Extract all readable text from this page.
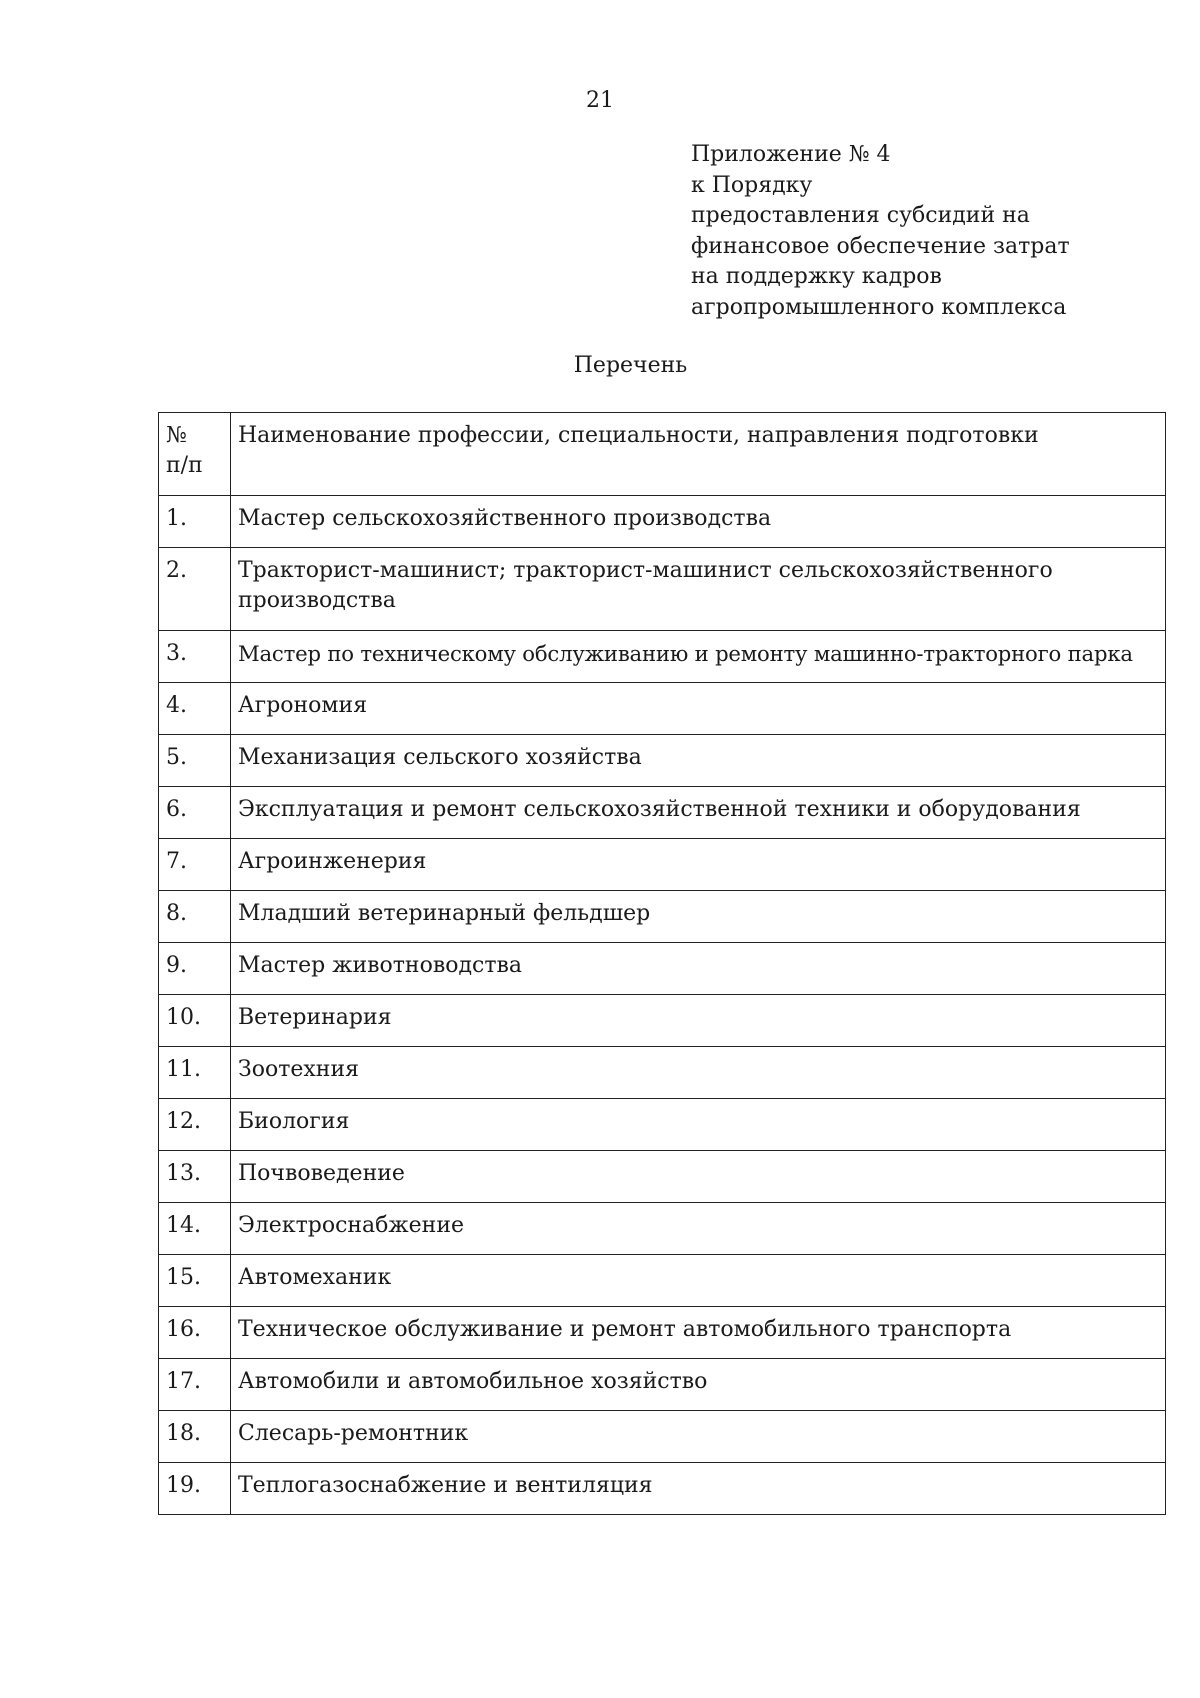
21
Приложение № 4
к Порядку
предоставления субсидий на
финансовое обеспечение затрат
на поддержку кадров
агропромышленного комплекса
Перечень
№
п/п	Наименование профессии, специальности, направления подготовки
1.	Мастер сельскохозяйственного производства
2.	Тракторист-машинист; тракторист-машинист сельскохозяйственного производства
3.	Мастер по техническому обслуживанию и ремонту машинно-тракторного парка
4.	Агрономия
5.	Механизация сельского хозяйства
6.	Эксплуатация и ремонт сельскохозяйственной техники и оборудования
7.	Агроинженерия
8.	Младший ветеринарный фельдшер
9.	Мастер животноводства
10.	Ветеринария
11.	Зоотехния
12.	Биология
13.	Почвоведение
14.	Электроснабжение
15.	Автомеханик
16.	Техническое обслуживание и ремонт автомобильного транспорта
17.	Автомобили и автомобильное хозяйство
18.	Слесарь-ремонтник
19.	Теплогазоснабжение и вентиляция
